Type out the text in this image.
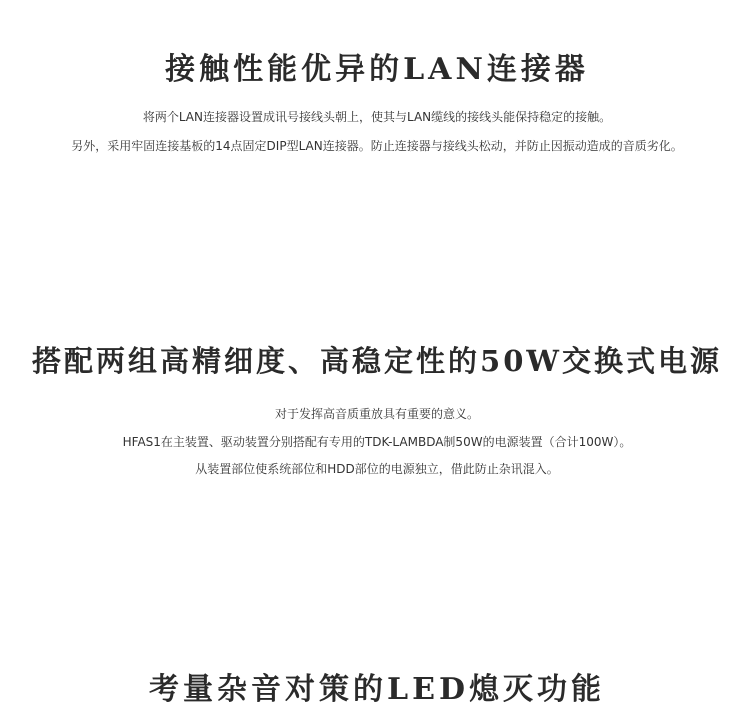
接触性能优异的LAN连接器

将两个LAN连接器设置成讯号接线头朝上，使其与LAN缆线的接线头能保持稳定的接触。

另外，采用牢固连接基板的14点固定DIP型LAN连接器。防止连接器与接线头松动，并防止因振动造成的音质劣化。

搭配两组高精细度、高稳定性的50W交换式电源

对于发挥高音质重放具有重要的意义。

HFAS1在主装置、驱动装置分别搭配有专用的TDK-LAMBDA制50W的电源装置（合计100W）。

从装置部位使系统部位和HDD部位的电源独立，借此防止杂讯混入。

考量杂音对策的LED熄灭功能
